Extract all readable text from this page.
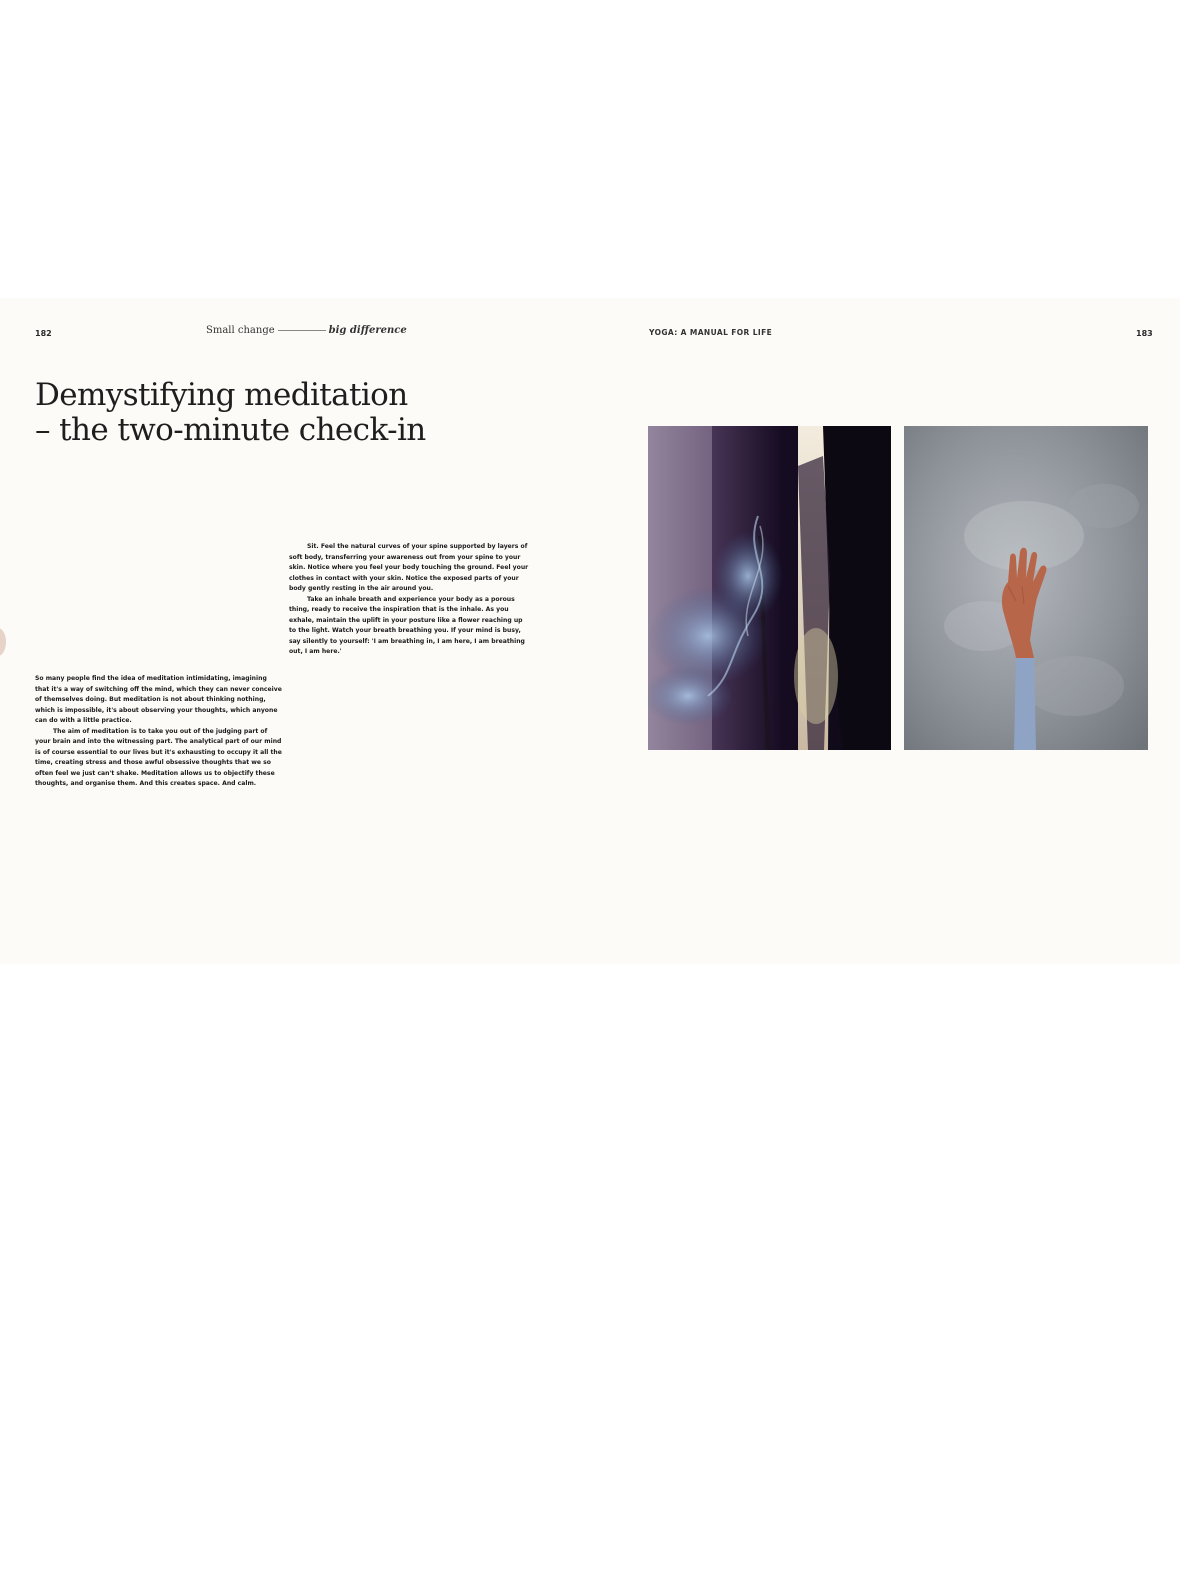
182	Small change	big difference	YOGA: A MANUAL FOR LIFE	183
Demystifying meditation
– the two-minute check-in

Sit. Feel the natural curves of your spine supported by layers of soft body, transferring your awareness out from your spine to your skin. Notice where you feel your body touching the ground. Feel your clothes in contact with your skin. Notice the exposed parts of your body gently resting in the air around you.

Take an inhale breath and experience your body as a porous thing, ready to receive the inspiration that is the inhale. As you exhale, maintain the uplift in your posture like a flower reaching up to the light. Watch your breath breathing you. If your mind is busy, say silently to yourself: 'I am breathing in, I am here, I am breathing out, I am here.'

So many people find the idea of meditation intimidating, imagining that it's a way of switching off the mind, which they can never conceive of themselves doing. But meditation is not about thinking nothing, which is impossible, it's about observing your thoughts, which anyone can do with a little practice.

The aim of meditation is to take you out of the judging part of your brain and into the witnessing part. The analytical part of our mind is of course essential to our lives but it's exhausting to occupy it all the time, creating stress and those awful obsessive thoughts that we so often feel we just can't shake. Meditation allows us to objectify these thoughts, and organise them. And this creates space. And calm.
